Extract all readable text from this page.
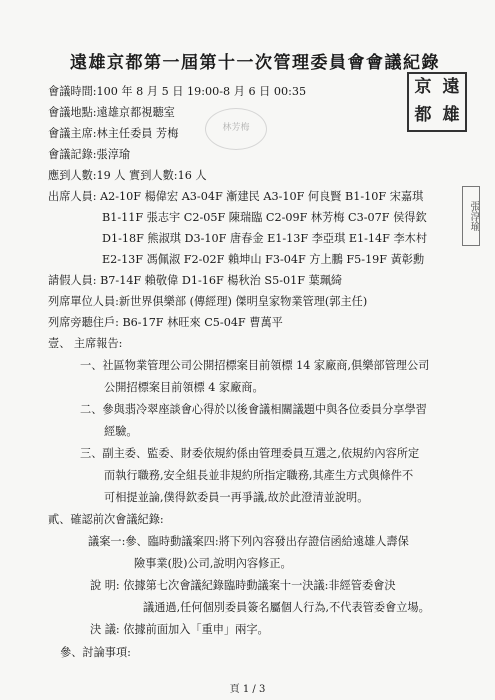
遠雄京都第一屆第十一次管理委員會會議紀錄
京 遠
都 雄
林芳梅
張淳瑜
會議時間:100 年 8 月 5 日 19:00-8 月 6 日 00:35
會議地點:遠雄京都視聽室
會議主席:林主任委員 芳梅
會議記錄:張淳瑜
應到人數:19 人 實到人數:16 人
出席人員: A2-10F 楊偉宏 A3-04F 漸建民 A3-10F 何良賢 B1-10F 宋嘉琪
B1-11F 張志宇 C2-05F 陳瑞臨 C2-09F 林芳梅 C3-07F 侯得欽
D1-18F 熊淑琪 D3-10F 唐春金 E1-13F 李亞琪 E1-14F 李木村
E2-13F 馮佩淑 F2-02F 賴坤山 F3-04F 方上鵬 F5-19F 黃彰勳
請假人員: B7-14F 賴敬偉 D1-16F 楊秋治 S5-01F 葉珮綺
列席單位人員:新世界俱樂部 (傳經理) 傑明皇家物業管理(郭主任)
列席旁聽住戶: B6-17F 林旺來 C5-04F 曹萬平
壹、 主席報告:
一、社區物業管理公司公開招標案目前領標 14 家廠商,俱樂部管理公司
公開招標案目前領標 4 家廠商。
二、參與翡冷翠座談會心得於以後會議相關議題中與各位委員分享學習
經驗。
三、副主委、監委、財委依規約係由管理委員互選之,依規約內容所定
而執行職務,安全組長並非規約所指定職務,其產生方式與條件不
可相提並論,僕得欽委員一再爭議,故於此澄清並說明。
貳、確認前次會議紀錄:
議案一:參、臨時動議案四:將下列內容發出存證信函給遠雄人壽保
險事業(股)公司,說明內容修正。
說 明: 依據第七次會議紀錄臨時動議案十一決議:非經管委會決
議通過,任何個別委員簽名屬個人行為,不代表管委會立場。
決 議: 依據前面加入「重申」兩字。
參、討論事項:
頁 1 / 3
